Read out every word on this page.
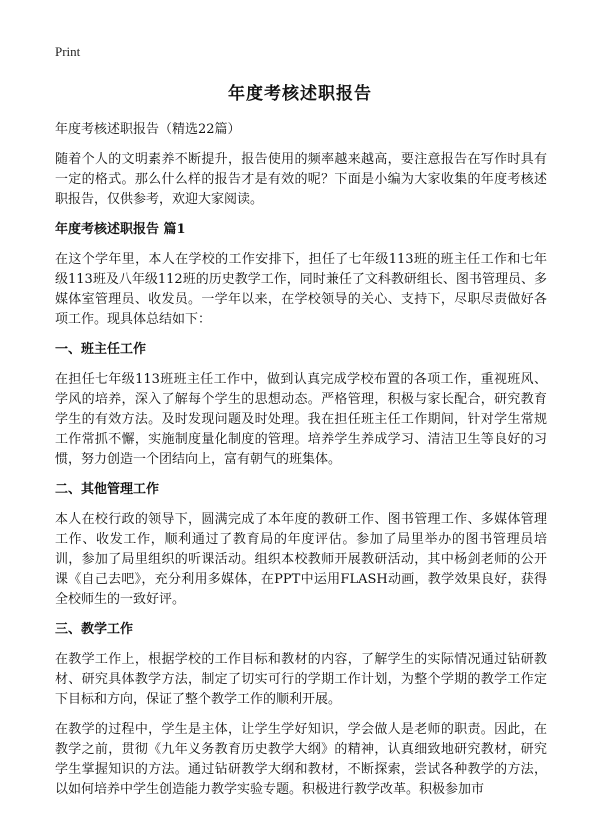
Print
年度考核述职报告
年度考核述职报告（精选22篇）

随着个人的文明素养不断提升，报告使用的频率越来越高，要注意报告在写作时具有一定的格式。那么什么样的报告才是有效的呢？下面是小编为大家收集的年度考核述职报告，仅供参考，欢迎大家阅读。

年度考核述职报告 篇1

在这个学年里，本人在学校的工作安排下，担任了七年级113班的班主任工作和七年级113班及八年级112班的历史教学工作，同时兼任了文科教研组长、图书管理员、多媒体室管理员、收发员。一学年以来，在学校领导的关心、支持下，尽职尽责做好各项工作。现具体总结如下：

一、班主任工作

在担任七年级113班班主任工作中，做到认真完成学校布置的各项工作，重视班风、学风的培养，深入了解每个学生的思想动态。严格管理，积极与家长配合，研究教育学生的有效方法。及时发现问题及时处理。我在担任班主任工作期间，针对学生常规工作常抓不懈，实施制度量化制度的管理。培养学生养成学习、清洁卫生等良好的习惯，努力创造一个团结向上，富有朝气的班集体。

二、其他管理工作

本人在校行政的领导下，圆满完成了本年度的教研工作、图书管理工作、多媒体管理工作、收发工作，顺利通过了教育局的年度评估。参加了局里举办的图书管理员培训，参加了局里组织的听课活动。组织本校教师开展教研活动，其中杨剑老师的公开课《自己去吧》，充分利用多媒体，在PPT中运用FLASH动画，教学效果良好，获得全校师生的一致好评。

三、教学工作

在教学工作上，根据学校的工作目标和教材的内容，了解学生的实际情况通过钻研教材、研究具体教学方法，制定了切实可行的学期工作计划，为整个学期的教学工作定下目标和方向，保证了整个教学工作的顺利开展。

在教学的过程中，学生是主体，让学生学好知识，学会做人是老师的职责。因此，在教学之前，贯彻《九年义务教育历史教学大纲》的精神，认真细致地研究教材，研究学生掌握知识的方法。通过钻研教学大纲和教材，不断探索，尝试各种教学的方法，以如何培养中学生创造能力教学实验专题。积极进行教学改革。积极参加市
